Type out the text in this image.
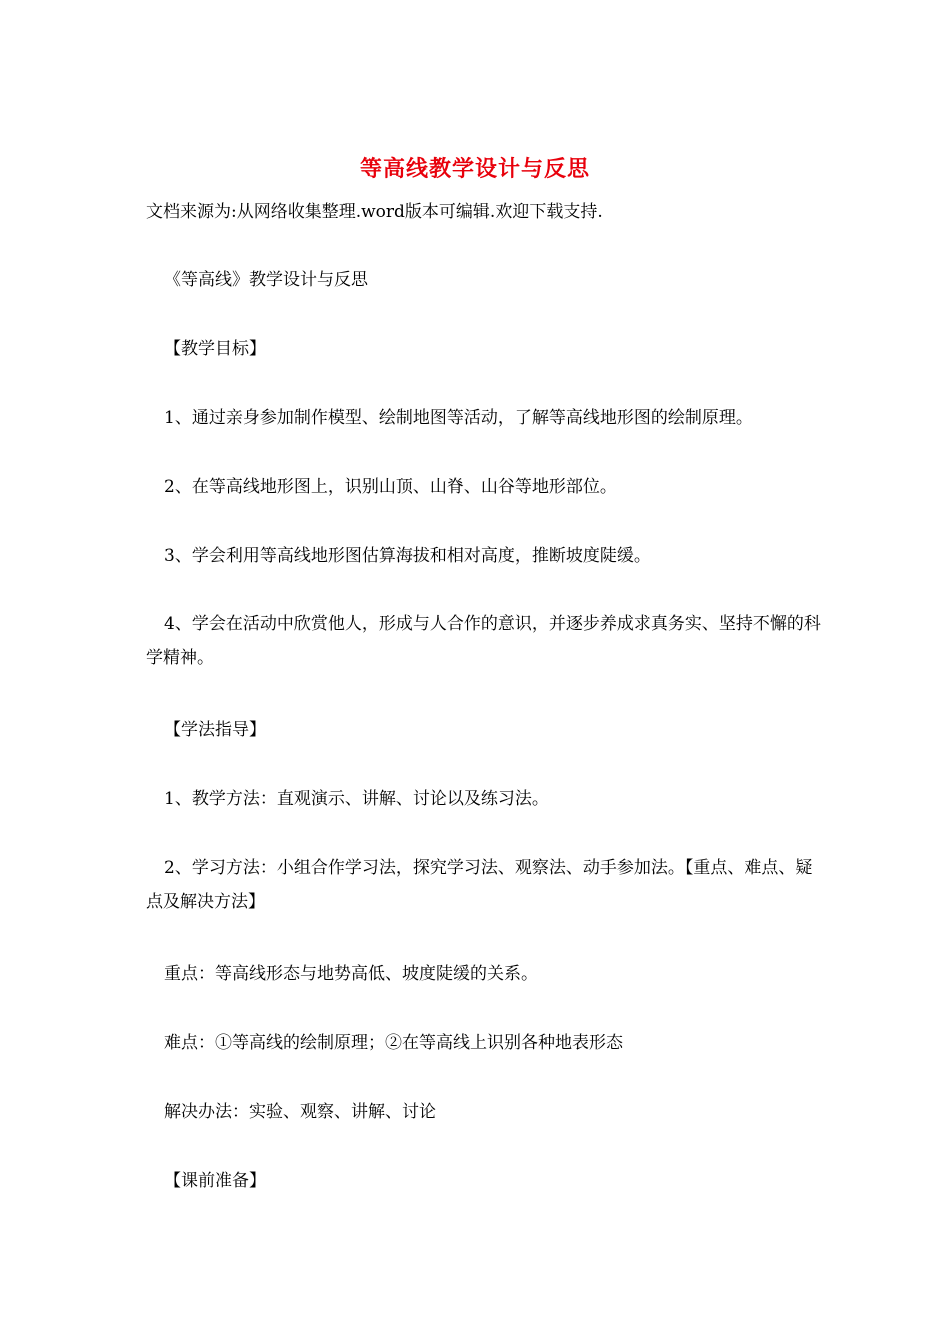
等高线教学设计与反思
文档来源为:从网络收集整理.word版本可编辑.欢迎下载支持.
《等高线》教学设计与反思
【教学目标】
1、通过亲身参加制作模型、绘制地图等活动，了解等高线地形图的绘制原理。
2、在等高线地形图上，识别山顶、山脊、山谷等地形部位。
3、学会利用等高线地形图估算海拔和相对高度，推断坡度陡缓。
4、学会在活动中欣赏他人，形成与人合作的意识，并逐步养成求真务实、坚持不懈的科学精神。
【学法指导】
1、教学方法：直观演示、讲解、讨论以及练习法。
2、学习方法：小组合作学习法，探究学习法、观察法、动手参加法。【重点、难点、疑点及解决方法】
重点：等高线形态与地势高低、坡度陡缓的关系。
难点：①等高线的绘制原理；②在等高线上识别各种地表形态
解决办法：实验、观察、讲解、讨论
【课前准备】
